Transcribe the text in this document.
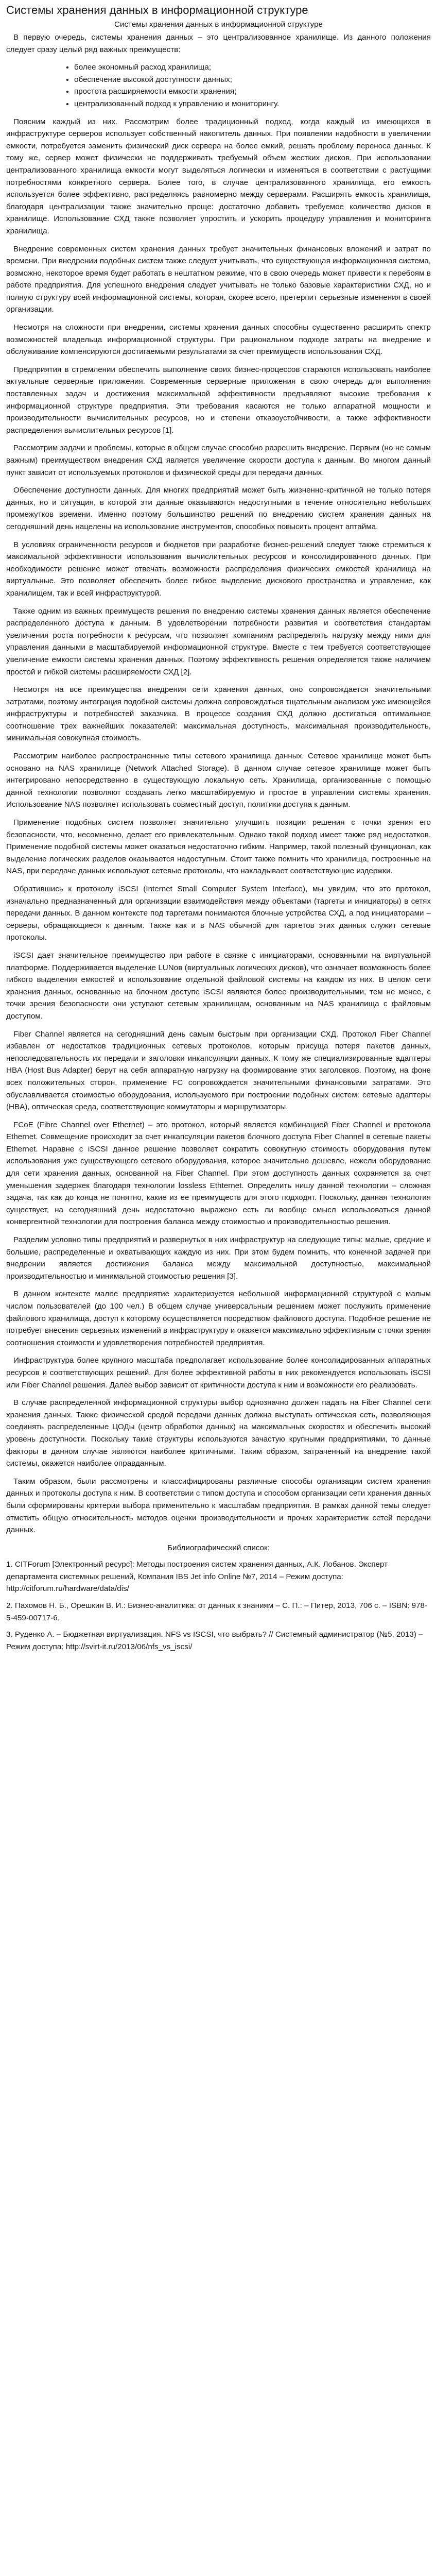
Системы хранения данных в информационной структуре
Системы хранения данных в информационной структуре

В первую очередь, системы хранения данных – это централизованное хранилище. Из данного положения следует сразу целый ряд важных преимуществ:

• более экономный расход хранилища;
• обеспечение высокой доступности данных;
• простота расширяемости емкости хранения;
• централизованный подход к управлению и мониторингу.

Поясним каждый из них. Рассмотрим более традиционный подход, когда каждый из имеющихся в инфраструктуре серверов использует собственный накопитель данных. При появлении надобности в увеличении емкости, потребуется заменить физический диск сервера на более емкий, решать проблему переноса данных. К тому же, сервер может физически не поддерживать требуемый объем жестких дисков. При использовании централизованного хранилища емкости могут выделяться логически и изменяться в соответствии с растущими потребностями конкретного сервера. Более того, в случае централизованного хранилища, его емкость используется более эффективно, распределяясь равномерно между серверами. Расширять емкость хранилища, благодаря централизации также значительно проще: достаточно добавить требуемое количество дисков в хранилище. Использование СХД также позволяет упростить и ускорить процедуру управления и мониторинга хранилища.

Внедрение современных систем хранения данных требует значительных финансовых вложений и затрат по времени. При внедрении подобных систем также следует учитывать, что существующая информационная система, возможно, некоторое время будет работать в нештатном режиме, что в свою очередь может привести к перебоям в работе предприятия. Для успешного внедрения следует учитывать не только базовые характеристики СХД, но и полную структуру всей информационной системы, которая, скорее всего, претерпит серьезные изменения в своей организации.

Несмотря на сложности при внедрении, системы хранения данных способны существенно расширить спектр возможностей владельца информационной структуры. При рациональном подходе затраты на внедрение и обслуживание компенсируются достигаемыми результатами за счет преимуществ использования СХД.

Предприятия в стремлении обеспечить выполнение своих бизнес-процессов стараются использовать наиболее актуальные серверные приложения. Современные серверные приложения в свою очередь для выполнения поставленных задач и достижения максимальной эффективности предъявляют высокие требования к информационной структуре предприятия. Эти требования касаются не только аппаратной мощности и производительности вычислительных ресурсов, но и степени отказоустойчивости, а также эффективности распределения вычислительных ресурсов [1].

Рассмотрим задачи и проблемы, которые в общем случае способно разрешить внедрение. Первым (но не самым важным) преимуществом внедрения СХД является увеличение скорости доступа к данным. Во многом данный пункт зависит от используемых протоколов и физической среды для передачи данных.

Обеспечение доступности данных. Для многих предприятий может быть жизненно-критичной не только потеря данных, но и ситуация, в которой эти данные оказываются недоступными в течение относительно небольших промежутков времени. Именно поэтому большинство решений по внедрению систем хранения данных на сегодняшний день нацелены на использование инструментов, способных повысить процент аптайма.

В условиях ограниченности ресурсов и бюджетов при разработке бизнес-решений следует также стремиться к максимальной эффективности использования вычислительных ресурсов и консолидированного данных. При необходимости решение может отвечать возможности распределения физических емкостей хранилища на виртуальные. Это позволяет обеспечить более гибкое выделение дискового пространства и управление, как хранилищем, так и всей инфраструктурой.

Также одним из важных преимуществ решения по внедрению системы хранения данных является обеспечение распределенного доступа к данным. В удовлетворении потребности развития и соответствия стандартам увеличения роста потребности к ресурсам, что позволяет компаниям распределять нагрузку между ними для управления данными в масштабируемой информационной структуре. Вместе с тем требуется соответствующее увеличение емкости системы хранения данных. Поэтому эффективность решения определяется также наличием простой и гибкой системы расширяемости СХД [2].

Несмотря на все преимущества внедрения сети хранения данных, оно сопровождается значительными затратами, поэтому интеграция подобной системы должна сопровождаться тщательным анализом уже имеющейся инфраструктуры и потребностей заказчика. В процессе создания СХД должно достигаться оптимальное соотношение трех важнейших показателей: максимальная доступность, максимальная производительность, минимальная совокупная стоимость.

Рассмотрим наиболее распространенные типы сетевого хранилища данных. Сетевое хранилище может быть основано на NAS хранилище (Network Attached Storage). В данном случае сетевое хранилище может быть интегрировано непосредственно в существующую локальную сеть. Хранилища, организованные с помощью данной технологии позволяют создавать легко масштабируемую и простое в управлении системы хранения. Использование NAS позволяет использовать совместный доступ, политики доступа к данным.

Применение подобных систем позволяет значительно улучшить позиции решения с точки зрения его безопасности, что, несомненно, делает его привлекательным. Однако такой подход имеет также ряд недостатков. Применение подобной системы может оказаться недостаточно гибким. Например, такой полезный функционал, как выделение логических разделов оказывается недоступным. Стоит также помнить что хранилища, построенные на NAS, при передаче данных используют сетевые протоколы, что накладывает соответствующие издержки.

Обратившись к протоколу iSCSI (Internet Small Computer System Interface), мы увидим, что это протокол, изначально предназначенный для организации взаимодействия между объектами (таргеты и инициаторы) в сетях передачи данных. В данном контексте под таргетами понимаются блочные устройства СХД, а под инициаторами – серверы, обращающиеся к данным. Также как и в NAS обычной для таргетов этих данных служит сетевые протоколы.

iSCSI дает значительное преимущество при работе в связке с инициаторами, основанными на виртуальной платформе. Поддерживается выделение LUNов (виртуальных логических дисков), что означает возможность более гибкого выделения емкостей и использование отдельной файловой системы на каждом из них. В целом сети хранения данных, основанные на блочном доступе iSCSI являются более производительными, тем не менее, с точки зрения безопасности они уступают сетевым хранилищам, основанным на NAS хранилища с файловым доступом.

Fiber Channel является на сегодняшний день самым быстрым при организации СХД. Протокол Fiber Channel избавлен от недостатков традиционных сетевых протоколов, которым присуща потеря пакетов данных, непоследовательность их передачи и заголовки инкапсуляции данных. К тому же специализированные адаптеры HBA (Host Bus Adapter) берут на себя аппаратную нагрузку на формирование этих заголовков. Поэтому, на фоне всех положительных сторон, применение FC сопровождается значительными финансовыми затратами. Это обуславливается стоимостью оборудования, используемого при построении подобных систем: сетевые адаптеры (HBA), оптическая среда, соответствующие коммутаторы и маршрутизаторы.

FCoE (Fibre Channel over Ethernet) – это протокол, который является комбинацией Fiber Channel и протокола Ethernet. Совмещение происходит за счет инкапсуляции пакетов блочного доступа Fiber Channel в сетевые пакеты Ethernet. Наравне с iSCSI данное решение позволяет сократить совокупную стоимость оборудования путем использования уже существующего сетевого оборудования, которое значительно дешевле, нежели оборудование для сети хранения данных, основанной на Fiber Channel. При этом доступность данных сохраняется за счет уменьшения задержек благодаря технологии lossless Ethternet. Определить нишу данной технологии – сложная задача, так как до конца не понятно, какие из ее преимуществ для этого подходят. Поскольку, данная технология существует, на сегодняшний день недостаточно выражено есть ли вообще смысл использоваться данной конвергентной технологии для построения баланса между стоимостью и производительностью решения.

Разделим условно типы предприятий и развернутых в них инфраструктур на следующие типы: малые, средние и большие, распределенные и охватывающих каждую из них. При этом будем помнить, что конечной задачей при внедрении является достижения баланса между максимальной доступностью, максимальной производительностью и минимальной стоимостью решения [3].

В данном контексте малое предприятие характеризуется небольшой информационной структурой с малым числом пользователей (до 100 чел.) В общем случае универсальным решением может послужить применение файлового хранилища, доступ к которому осуществляется посредством файлового доступа. Подобное решение не потребует внесения серьезных изменений в инфраструктуру и окажется максимально эффективным с точки зрения соотношения стоимости и удовлетворения потребностей предприятия.

Инфраструктура более крупного масштаба предполагает использование более консолидированных аппаратных ресурсов и соответствующих решений. Для более эффективной работы в них рекомендуется использовать iSCSI или Fiber Channel решения. Далее выбор зависит от критичности доступа к ним и возможности его реализовать.

В случае распределенной информационной структуры выбор однозначно должен падать на Fiber Channel сети хранения данных. Также физической средой передачи данных должна выступать оптическая сеть, позволяющая соединять распределенные ЦОДы (центр обработки данных) на максимальных скоростях и обеспечить высокий уровень доступности. Поскольку такие структуры используются зачастую крупными предприятиями, то данные факторы в данном случае являются наиболее критичными. Таким образом, затраченный на внедрение такой системы, окажется наиболее оправданным.

Таким образом, были рассмотрены и классифицированы различные способы организации систем хранения данных и протоколы доступа к ним. В соответствии с типом доступа и способом организации сети хранения данных были сформированы критерии выбора применительно к масштабам предприятия. В рамках данной темы следует отметить общую относительность методов оценки производительности и прочих характеристик сетей передачи данных.

Библиографический список:

1. CITForum [Электронный ресурс]: Методы построения систем хранения данных, А.К. Лобанов. Эксперт департамента системных решений, Компания IBS Jet info Online №7, 2014 – Режим доступа: http://citforum.ru/hardware/data/dis/

2. Пахомов Н. Б., Орешкин В. И.: Бизнес-аналитика: от данных к знаниям – С. П.: – Питер, 2013, 706 с. – ISBN: 978-5-459-00717-6.

3. Руденко А. – Бюджетная виртуализация. NFS vs ISCSI, что выбрать? // Системный администратор (№5, 2013) – Режим доступа: http://svirt-it.ru/2013/06/nfs_vs_iscsi/
